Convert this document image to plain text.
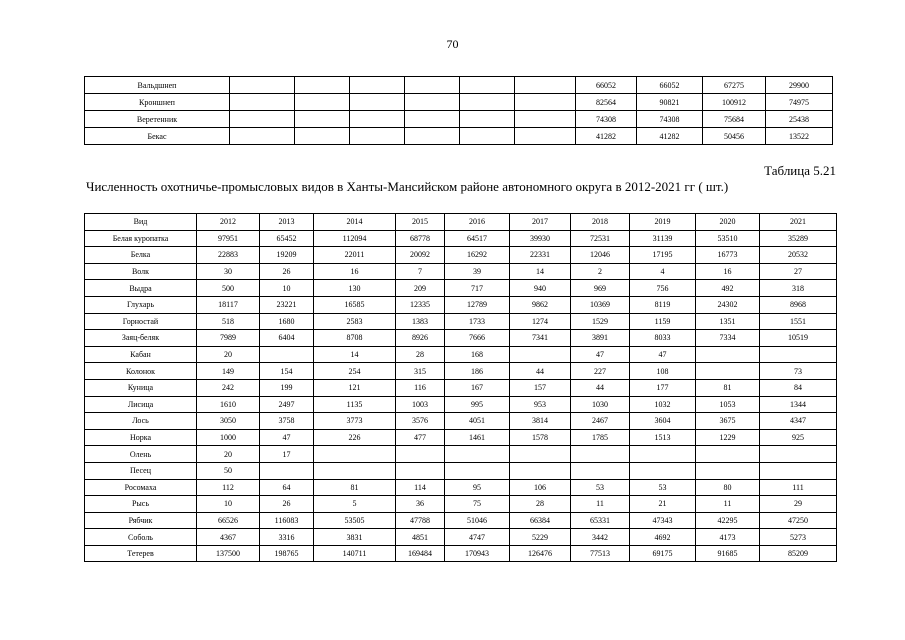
70
Вальдшнеп							66052	66052	67275	29900
Кроншнеп							82564	90821	100912	74975
Веретенник							74308	74308	75684	25438
Бекас							41282	41282	50456	13522
Таблица 5.21
Численность охотничье-промысловых видов в Ханты-Мансийском районе автономного округа в 2012-2021 гг ( шт.)
Вид	2012	2013	2014	2015	2016	2017	2018	2019	2020	2021
Белая куропатка	97951	65452	112094	68778	64517	39930	72531	31139	53510	35289
Белка	22883	19209	22011	20092	16292	22331	12046	17195	16773	20532
Волк	30	26	16	7	39	14	2	4	16	27
Выдра	500	10	130	209	717	940	969	756	492	318
Глухарь	18117	23221	16585	12335	12789	9862	10369	8119	24302	8968
Горностай	518	1680	2583	1383	1733	1274	1529	1159	1351	1551
Заяц-беляк	7989	6404	8708	8926	7666	7341	3891	8033	7334	10519
Кабан	20		14	28	168		47	47		
Колонок	149	154	254	315	186	44	227	108		73
Куница	242	199	121	116	167	157	44	177	81	84
Лисица	1610	2497	1135	1003	995	953	1030	1032	1053	1344
Лось	3050	3758	3773	3576	4051	3814	2467	3604	3675	4347
Норка	1000	47	226	477	1461	1578	1785	1513	1229	925
Олень	20	17								
Песец	50									
Росомаха	112	64	81	114	95	106	53	53	80	111
Рысь	10	26	5	36	75	28	11	21	11	29
Рябчик	66526	116083	53505	47788	51046	66384	65331	47343	42295	47250
Соболь	4367	3316	3831	4851	4747	5229	3442	4692	4173	5273
Тетерев	137500	198765	140711	169484	170943	126476	77513	69175	91685	85209
